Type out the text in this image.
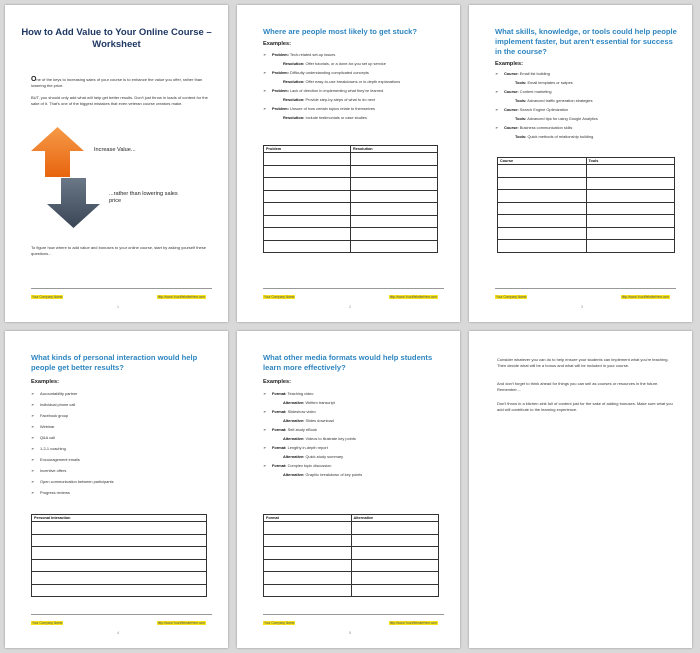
How to Add Value to Your Online Course – Worksheet

One of the keys to increasing sales of your course is to enhance the value you offer, rather than lowering the price.

BUT, you should only add what will help get better results. Don't just throw in loads of content for the sake of it. That's one of the biggest mistakes that even veteran course creators make.

Increase Value...
...rather than lowering sales price

To figure how where to add value and bonuses to your online course, start by asking yourself these questions...

Your Company Name	http://www.YourWebsiteHere.com
1
Where are people most likely to get stuck?
Examples:
➢ Problem: Tech-related set-up issues
Resolution: Offer tutorials, or a done-for-you set up service
➢ Problem: Difficulty understanding complicated concepts
Resolution: Offer easy-to-use breakdowns or in-depth explanations
➢ Problem: Lack of direction in implementing what they've learned
Resolution: Provide step-by-steps of what to do next
➢ Problem: Unsure of how certain topics relate to themselves
Resolution: Include testimonials or case studies
Problem	Resolution

Your Company Name	http://www.YourWebsiteHere.com
2
What skills, knowledge, or tools could help people implement faster, but aren't essential for success in the course?
Examples:
➢ Course: Email list building
Tools: Email templates or swipes
➢ Course: Content marketing
Tools: Advanced traffic generation strategies
➢ Course: Search Engine Optimization
Tools: Advanced tips for using Google Analytics
➢ Course: Business communication skills
Tools: Quick methods of relationship building
Course	Tools

Your Company Name	http://www.YourWebsiteHere.com
3
What kinds of personal interaction would help people get better results?
Examples:
➢ Accountability partner
➢ Individual phone call
➢ Facebook group
➢ Webinar
➢ Q&A call
➢ 1-2-1 coaching
➢ Encouragement emails
➢ Incentive offers
➢ Open communication between participants
➢ Progress reviews
Personal Interaction

Your Company Name	http://www.YourWebsiteHere.com
4
What other media formats would help students learn more effectively?
Examples:
➢ Format: Teaching video
Alternative: Written transcript
➢ Format: Slideshow video
Alternative: Slides download
➢ Format: Self-study eBook
Alternative: Videos to illustrate key points
➢ Format: Lengthy in-depth report
Alternative: Quick-study summary
➢ Format: Complex topic discussion
Alternative: Graphic breakdown of key points
Format	Alternative

Your Company Name	http://www.YourWebsiteHere.com
5

Consider whatever you can do to help ensure your students can implement what you're teaching. Then decide what will be a bonus and what will be included in your course.

And don't forget to think ahead for things you can sell as courses or resources in the future. Remember....

Don't throw in a kitchen sink full of content just for the sake of adding bonuses. Make sure what you add will contribute to the learning experience.
